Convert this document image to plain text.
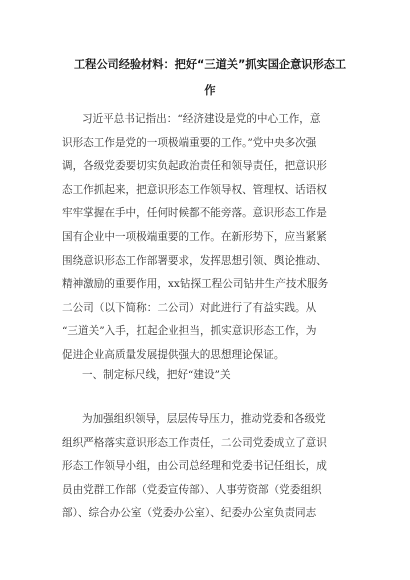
工程公司经验材料：把好“三道关”抓实国企意识形态工
作
习近平总书记指出：“经济建设是党的中心工作，意
识形态工作是党的一项极端重要的工作。”党中央多次强
调，各级党委要切实负起政治责任和领导责任，把意识形
态工作抓起来，把意识形态工作领导权、管理权、话语权
牢牢掌握在手中，任何时候都不能旁落。意识形态工作是
国有企业中一项极端重要的工作。在新形势下，应当紧紧
围绕意识形态工作部署要求，发挥思想引领、舆论推动、
精神激励的重要作用，xx钻探工程公司钻井生产技术服务
二公司（以下简称：二公司）对此进行了有益实践。从
“三道关”入手，扛起企业担当，抓实意识形态工作，为
促进企业高质量发展提供强大的思想理论保证。
一、制定标尺线，把好“建设”关
为加强组织领导，层层传导压力，推动党委和各级党
组织严格落实意识形态工作责任，二公司党委成立了意识
形态工作领导小组，由公司总经理和党委书记任组长，成
员由党群工作部（党委宣传部）、人事劳资部（党委组织
部）、综合办公室（党委办公室）、纪委办公室负责同志
